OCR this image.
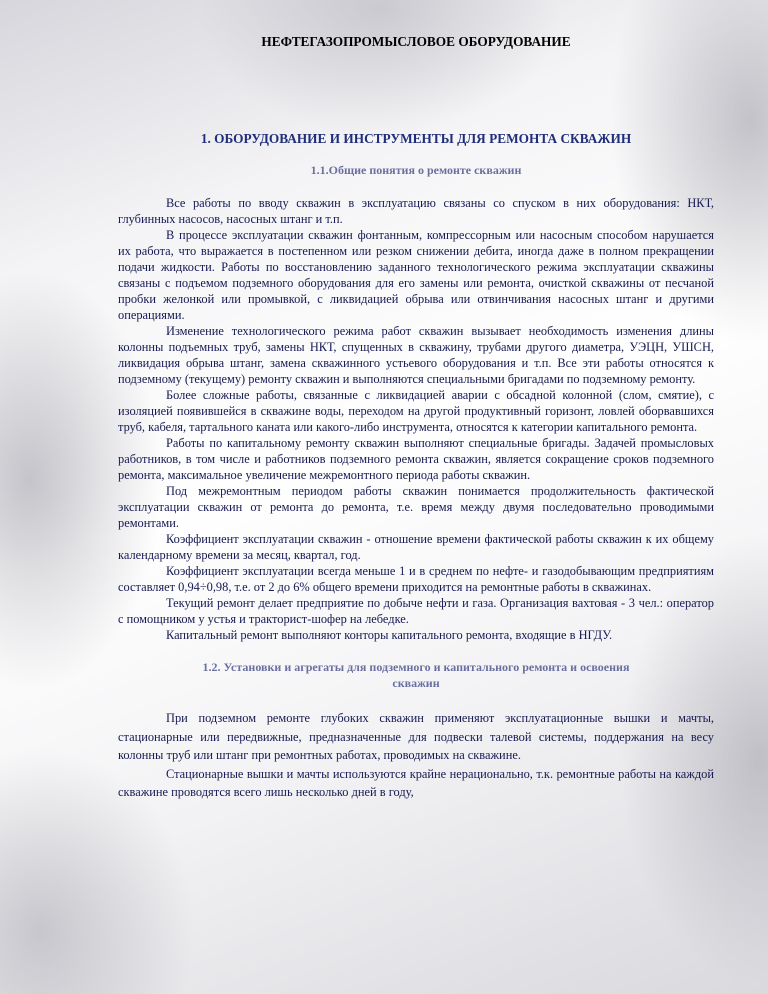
НЕФТЕГАЗОПРОМЫСЛОВОЕ ОБОРУДОВАНИЕ
1. ОБОРУДОВАНИЕ И ИНСТРУМЕНТЫ ДЛЯ РЕМОНТА СКВАЖИН
1.1.Общие понятия о ремонте скважин

Все работы по вводу скважин в эксплуатацию связаны со спуском в них оборудования: НКТ, глубинных насосов, насосных штанг и т.п.

В процессе эксплуатации скважин фонтанным, компрессорным или насосным способом нарушается их работа, что выражается в постепенном или резком снижении дебита, иногда даже в полном прекращении подачи жидкости. Работы по восстановлению заданного технологического режима эксплуатации скважины связаны с подъемом подземного оборудования для его замены или ремонта, очисткой скважины от песчаной пробки желонкой или промывкой, с ликвидацией обрыва или отвинчивания насосных штанг и другими операциями.

Изменение технологического режима работ скважин вызывает необходимость изменения длины колонны подъемных труб, замены НКТ, спущенных в скважину, трубами другого диаметра, УЭЦН, УШСН, ликвидация обрыва штанг, замена скважинного устьевого оборудования и т.п. Все эти работы относятся к подземному (текущему) ремонту скважин и выполняются специальными бригадами по подземному ремонту.

Более сложные работы, связанные с ликвидацией аварии с обсадной колонной (слом, смятие), с изоляцией появившейся в скважине воды, переходом на другой продуктивный горизонт, ловлей оборвавшихся труб, кабеля, тартального каната или какого-либо инструмента, относятся к категории капитального ремонта.

Работы по капитальному ремонту скважин выполняют специальные бригады. Задачей промысловых работников, в том числе и работников подземного ремонта скважин, является сокращение сроков подземного ремонта, максимальное увеличение межремонтного периода работы скважин.

Под межремонтным периодом работы скважин понимается продолжительность фактической эксплуатации скважин от ремонта до ремонта, т.е. время между двумя последовательно проводимыми ремонтами.

Коэффициент эксплуатации скважин - отношение времени фактической работы скважин к их общему календарному времени за месяц, квартал, год.

Коэффициент эксплуатации всегда меньше 1 и в среднем по нефте- и газодобывающим предприятиям составляет 0,94÷0,98, т.е. от 2 до 6% общего времени приходится на ремонтные работы в скважинах.

Текущий ремонт делает предприятие по добыче нефти и газа. Организация вахтовая - 3 чел.: оператор с помощником у устья и тракторист-шофер на лебедке.

Капитальный ремонт выполняют конторы капитального ремонта, входящие в НГДУ.

1.2. Установки и агрегаты для подземного и капитального ремонта и освоения скважин

При подземном ремонте глубоких скважин применяют эксплуатационные вышки и мачты, стационарные или передвижные, предназначенные для подвески талевой системы, поддержания на весу колонны труб или штанг при ремонтных работах, проводимых на скважине.

Стационарные вышки и мачты используются крайне нерационально, т.к. ремонтные работы на каждой скважине проводятся всего лишь несколько дней в году,
